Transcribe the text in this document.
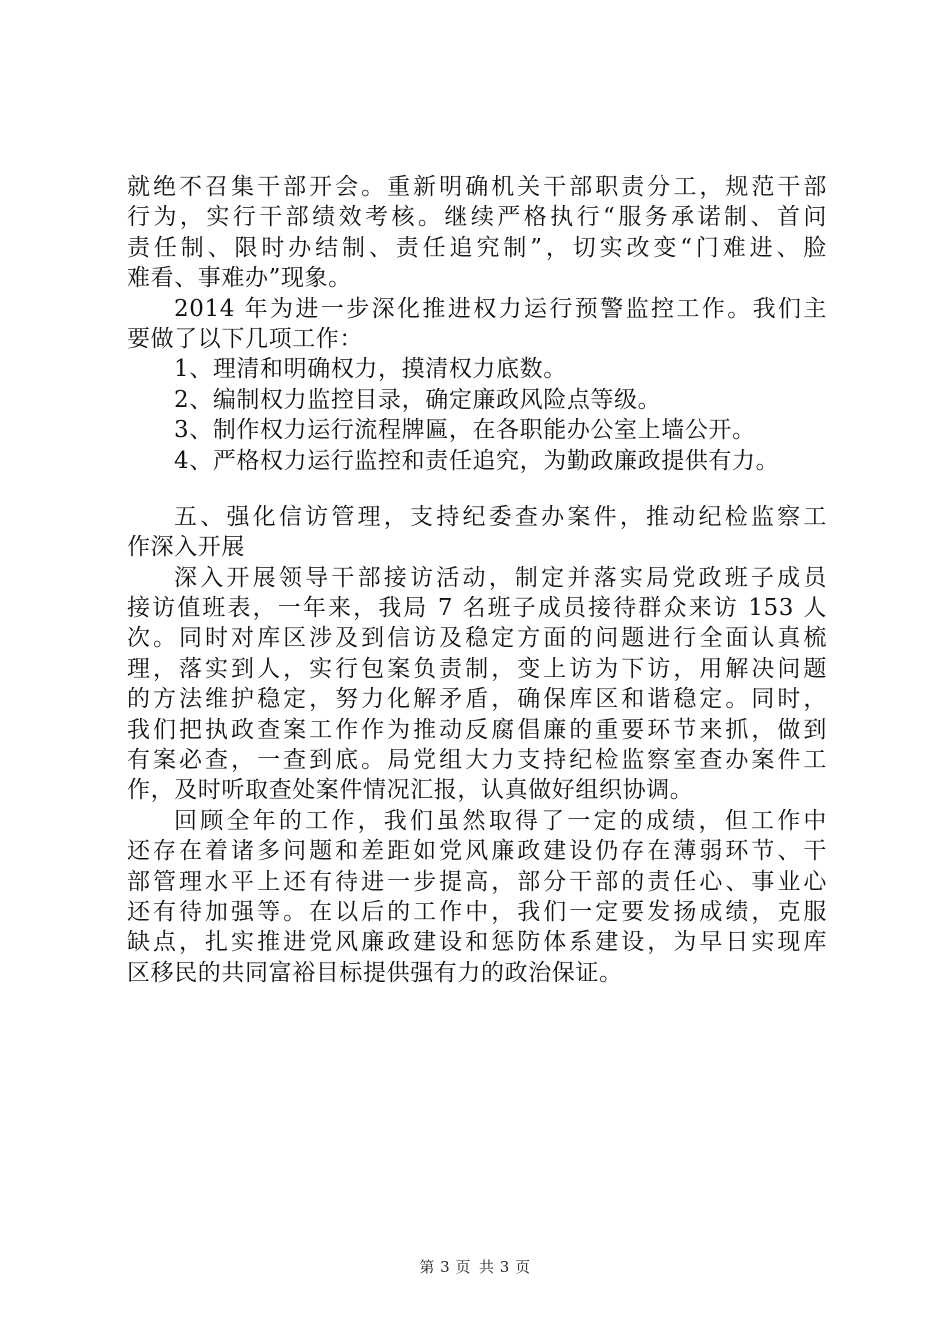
就绝不召集干部开会。重新明确机关干部职责分工，规范干部
行为，实行干部绩效考核。继续严格执行“服务承诺制、首问
责任制、限时办结制、责任追究制”，切实改变“门难进、脸
难看、事难办”现象。
2014 年为进一步深化推进权力运行预警监控工作。我们主
要做了以下几项工作：
1、理清和明确权力，摸清权力底数。
2、编制权力监控目录，确定廉政风险点等级。
3、制作权力运行流程牌匾，在各职能办公室上墙公开。
4、严格权力运行监控和责任追究，为勤政廉政提供有力。
五、强化信访管理，支持纪委查办案件，推动纪检监察工
作深入开展
深入开展领导干部接访活动，制定并落实局党政班子成员
接访值班表，一年来，我局 7 名班子成员接待群众来访 153 人
次。同时对库区涉及到信访及稳定方面的问题进行全面认真梳
理，落实到人，实行包案负责制，变上访为下访，用解决问题
的方法维护稳定，努力化解矛盾，确保库区和谐稳定。同时，
我们把执政查案工作作为推动反腐倡廉的重要环节来抓，做到
有案必查，一查到底。局党组大力支持纪检监察室查办案件工
作，及时听取查处案件情况汇报，认真做好组织协调。
回顾全年的工作，我们虽然取得了一定的成绩，但工作中
还存在着诸多问题和差距如党风廉政建设仍存在薄弱环节、干
部管理水平上还有待进一步提高，部分干部的责任心、事业心
还有待加强等。在以后的工作中，我们一定要发扬成绩，克服
缺点，扎实推进党风廉政建设和惩防体系建设，为早日实现库
区移民的共同富裕目标提供强有力的政治保证。
第 3 页 共 3 页
